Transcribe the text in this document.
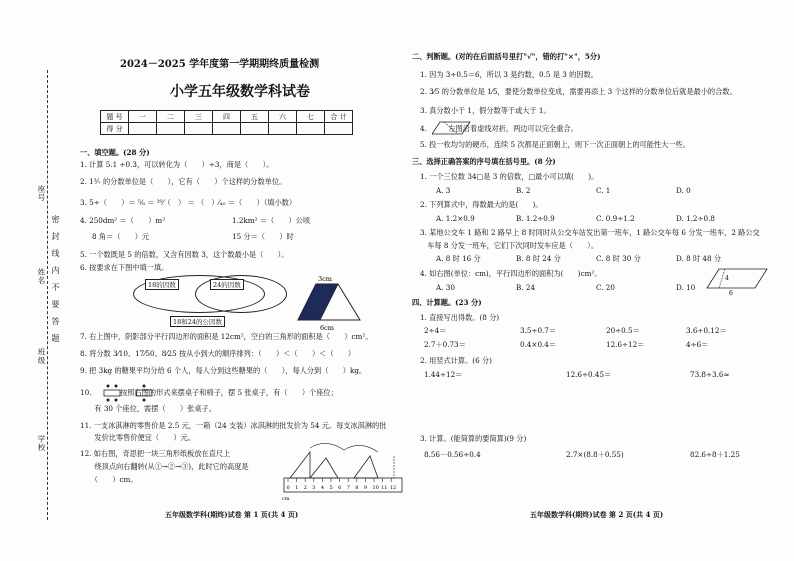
座号
姓名
班级
学校
密封线内不要答题
2024－2025 学年度第一学期期终质量检测
小学五年级数学科试卷
题 号	一	二	三	四	五	六	七	合 计
得 分								
一、填空题。(28 分)
1. 计算 5.1 ÷0.3，可以转化为（　　）÷3，商是（　　）。
2. 1³⁄₇ 的分数单位是（　　），它有（　　）个这样的分数单位。
3. 5÷（　　）＝ ⁵⁄₈ ＝ ²⁰⁄（　） ＝ （　）⁄₄₀ ＝（　　）（填小数）
4. 250dm² ＝（　　）m²	1.2km² ＝（　　）公顷
8 角＝（　　）元	15 分＝（　　）时
5. 一个数既是 5 的倍数，又含有因数 3，这个数最小是（　　）。
6. 按要求在下图中填一填。
18的因数	24的因数
18和24的公因数
3cm
6cm
7. 右上图中，阴影部分平行四边形的面积是 12cm²，空白的三角形的面积是（　　）cm²。
8. 将分数 3⁄10、17⁄50、8⁄25 按从小到大的顺序排列：（　　）＜（　　）＜（　　）
9. 把 3kg 的糖果平均分给 6 个人，每人分到这些糖果的（　　），每人分到（　　）kg。
10.　　　　按照右图的形式来摆桌子和椅子，摆 5 张桌子，有（　　）个座位；
　　有 30 个座位，需摆（　　）张桌子。
11. 一支冰淇淋的零售价是 2.5 元，一箱（24 支装）冰淇淋的批发价为 54 元。每支冰淇淋的批
　　发价比零售价便宜（　　）元。
12. 如右图，奇思把一块三角形纸板放在直尺上
　　绕顶点向右翻转(从①→②→③)，此时它的高度是
　　（　　）cm。
0 1 2 3 4 5 6 7 8 9 10 11 12
cm
五年级数学科(期终)试卷 第 1 页(共 4 页)
二、判断题。(对的在后面括号里打"√"，错的打"×"，5分)
1. 因为 3÷0.5＝6，所以 3 是约数，0.5 是 3 的因数。
2. 3⁄5 的分数单位是 1⁄5，要使分数单位变成，需要再添上 3 个这样的分数单位后就是最小的合数。
3. 真分数小于 1，假分数等于或大于 1。
4.　　　左图沿着虚线对折，两边可以完全重合。
5. 投一枚均匀的硬币，连续 5 次都是正面朝上，则下一次正面朝上的可能性大一些。
三、选择正确答案的序号填在括号里。(8 分)
1. 一个三位数 34□是 3 的倍数，□最小可以填(　　)。
A. 3	B. 2	C. 1	D. 0
2. 下列算式中，得数最大的是(　　)。
A. 1.2×0.9	B. 1.2÷0.9	C. 0.9÷1.2	D. 1.2÷0.8
3. 某地公交车 1 路和 2 路早上 8 时同时从公交车站发出第一班车，1 路公交车每 6 分发一班车，2 路公交
　车每 8 分发一班车，它们下次同时发车应是（　　）。
A. 8 时 16 分	B. 8 时 24 分	C. 8 时 30 分	D. 8 时 48 分
4. 如右图(单位：cm)，平行四边形的面积为(　　)cm²。
A. 30	B. 24	C. 20	D. 10
6
4
四、计算题。(23 分)
1. 直接写出得数。(8 分)
2÷4＝	3.5÷0.7＝	20÷0.5＝	3.6÷0.12＝
2.7＋0.73＝	0.4×0.4＝	12.6÷12＝	4÷6＝
2. 用竖式计算。(6 分)
1.44÷12＝	12.6÷0.45＝	73.8÷3.6≈
3. 计算。(能简算的要简算)(9 分)
8.56－0.56÷0.4	2.7×(8.8＋0.55)	82.6÷8＋1.25
五年级数学科(期终)试卷 第 2 页(共 4 页)
